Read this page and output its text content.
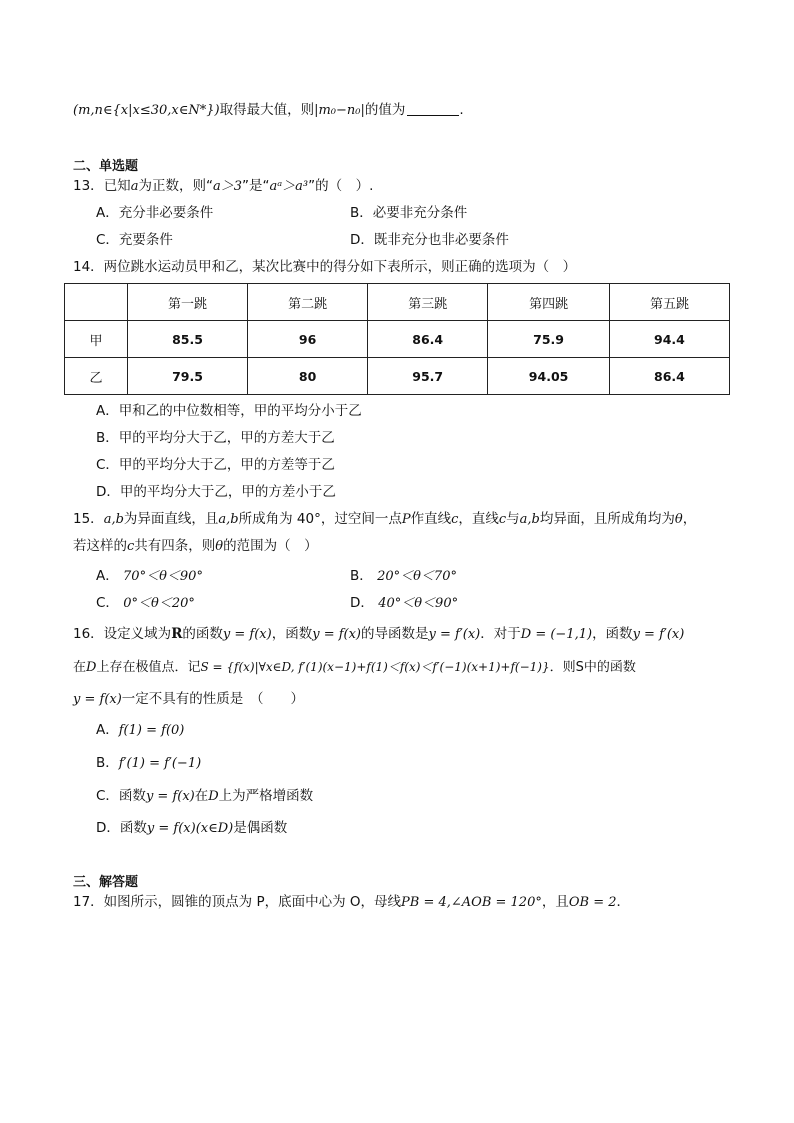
(m,n∈{x|x≤30,x∈N*})取得最大值，则|m₀−n₀|的值为	.
二、单选题
13．已知a为正数，则“a＞3”是“aᵃ＞a³”的（　）.
A．充分非必要条件	B．必要非充分条件
C．充要条件	D．既非充分也非必要条件
14．两位跳水运动员甲和乙，某次比赛中的得分如下表所示，则正确的选项为（　）
	第一跳	第二跳	第三跳	第四跳	第五跳
甲	85.5	96	86.4	75.9	94.4
乙	79.5	80	95.7	94.05	86.4
A．甲和乙的中位数相等，甲的平均分小于乙
B．甲的平均分大于乙，甲的方差大于乙
C．甲的平均分大于乙，甲的方差等于乙
D．甲的平均分大于乙，甲的方差小于乙
15．a,b为异面直线，且a,b所成角为 40°，过空间一点P作直线c，直线c与a,b均异面，且所成角均为θ，
若这样的c共有四条，则θ的范围为（　）
A． 70°＜θ＜90°	B． 20°＜θ＜70°
C． 0°＜θ＜20°	D． 40°＜θ＜90°
16．设定义域为R的函数y = f(x)，函数y = f(x)的导函数是y = f′(x)．对于D = (−1,1)，函数y = f′(x)
在D上存在极值点．记S = {f(x)|∀x∈D, f′(1)(x−1)+f(1)＜f(x)＜f′(−1)(x+1)+f(−1)}．则S中的函数
y = f(x)一定不具有的性质是　（　　）
A．f(1) = f(0)
B．f′(1) = f′(−1)
C．函数y = f(x)在D上为严格增函数
D．函数y = f(x)(x∈D)是偶函数
三、解答题
17．如图所示，圆锥的顶点为 P，底面中心为 O，母线PB = 4,∠AOB = 120°，且OB = 2．
